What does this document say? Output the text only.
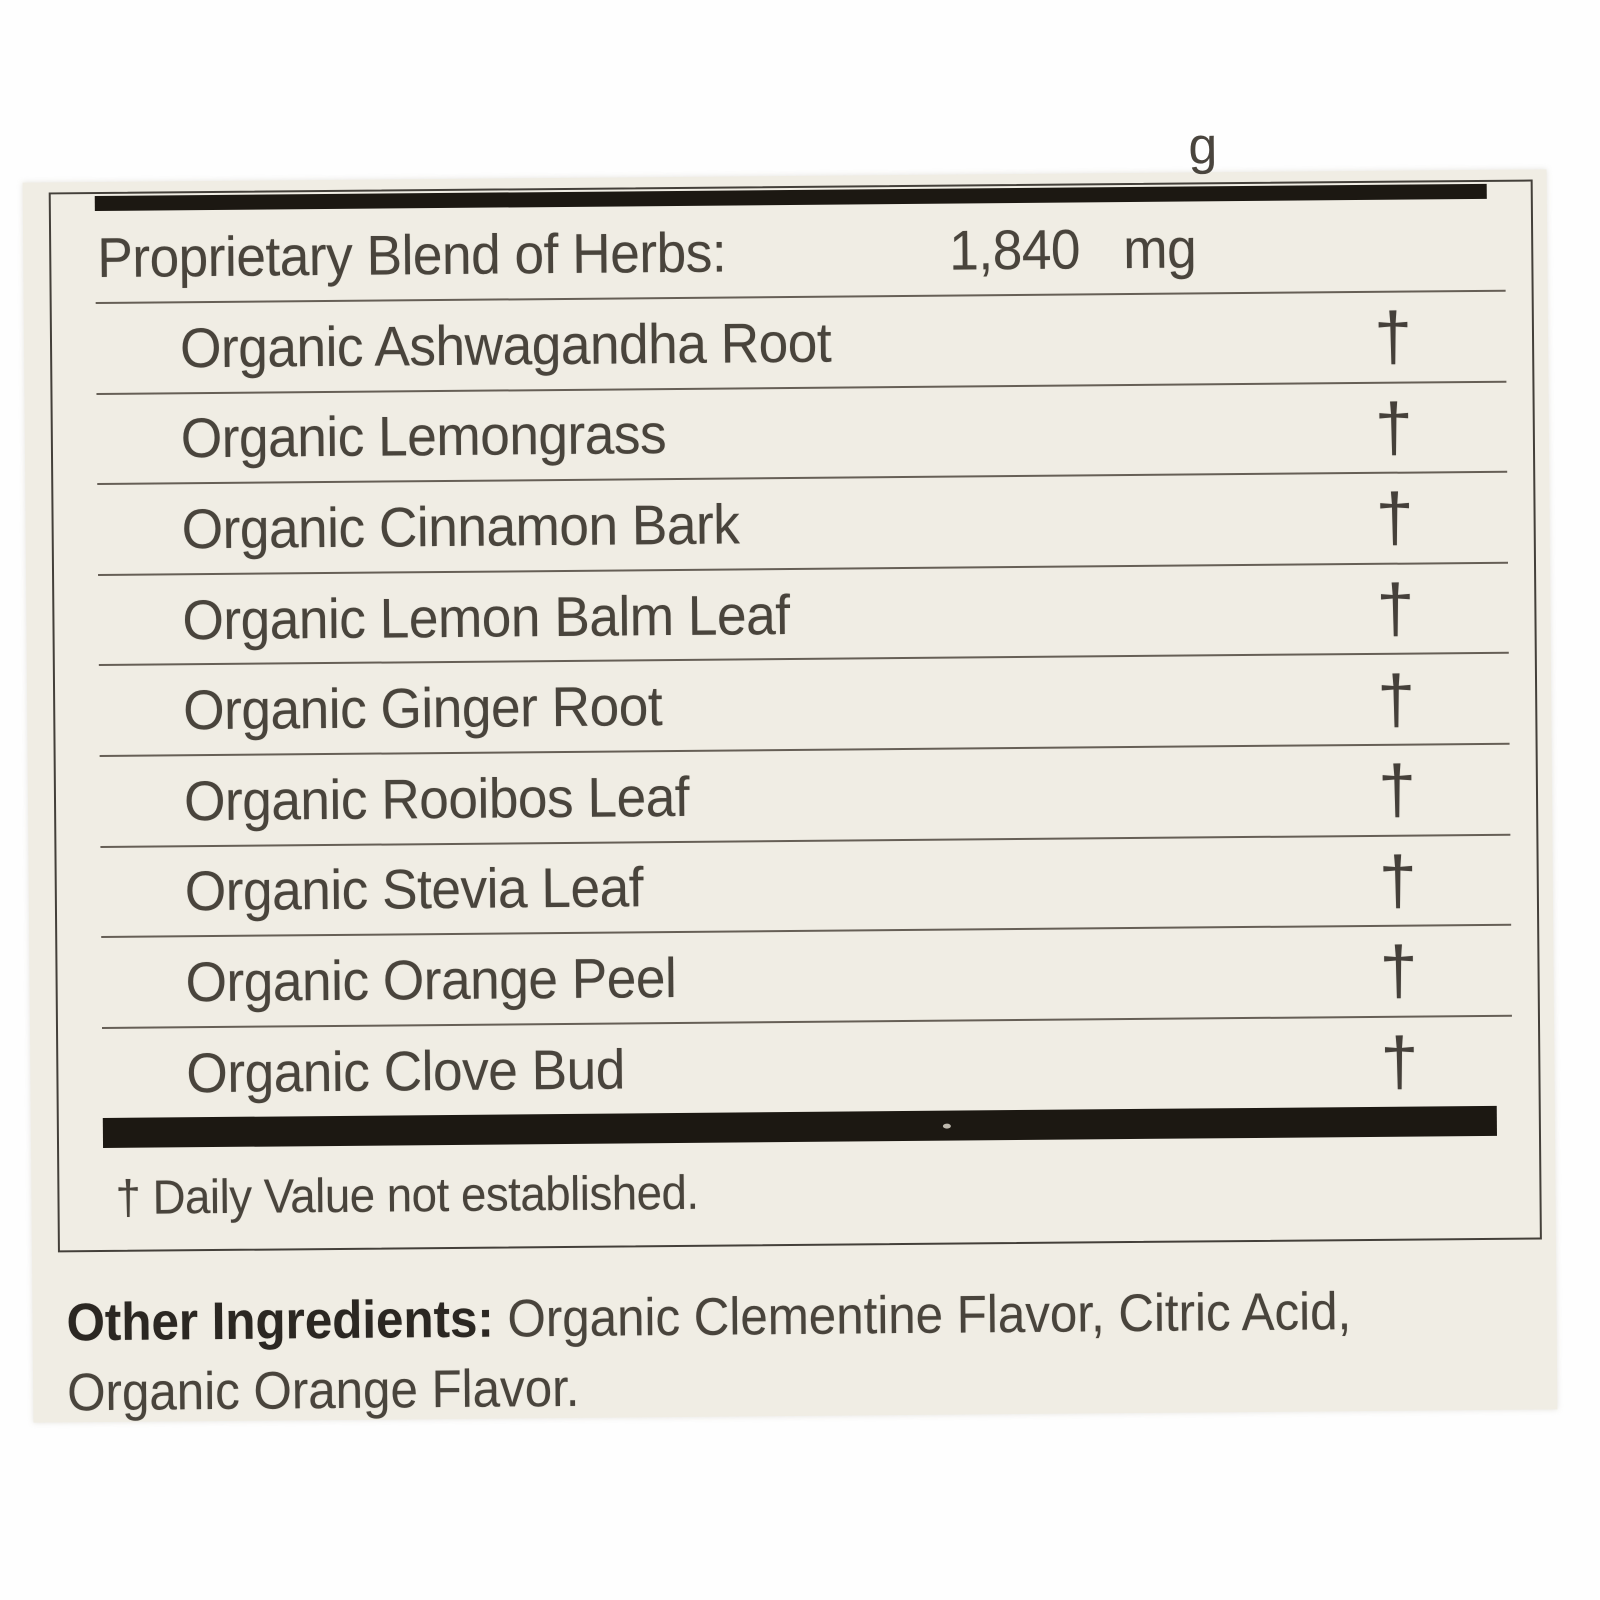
g
Proprietary Blend of Herbs:	1,840 mg
Organic Ashwagandha Root	†
Organic Lemongrass	†
Organic Cinnamon Bark	†
Organic Lemon Balm Leaf	†
Organic Ginger Root	†
Organic Rooibos Leaf	†
Organic Stevia Leaf	†
Organic Orange Peel	†
Organic Clove Bud	†
† Daily Value not established.
Other Ingredients: Organic Clementine Flavor, Citric Acid,
Organic Orange Flavor.
